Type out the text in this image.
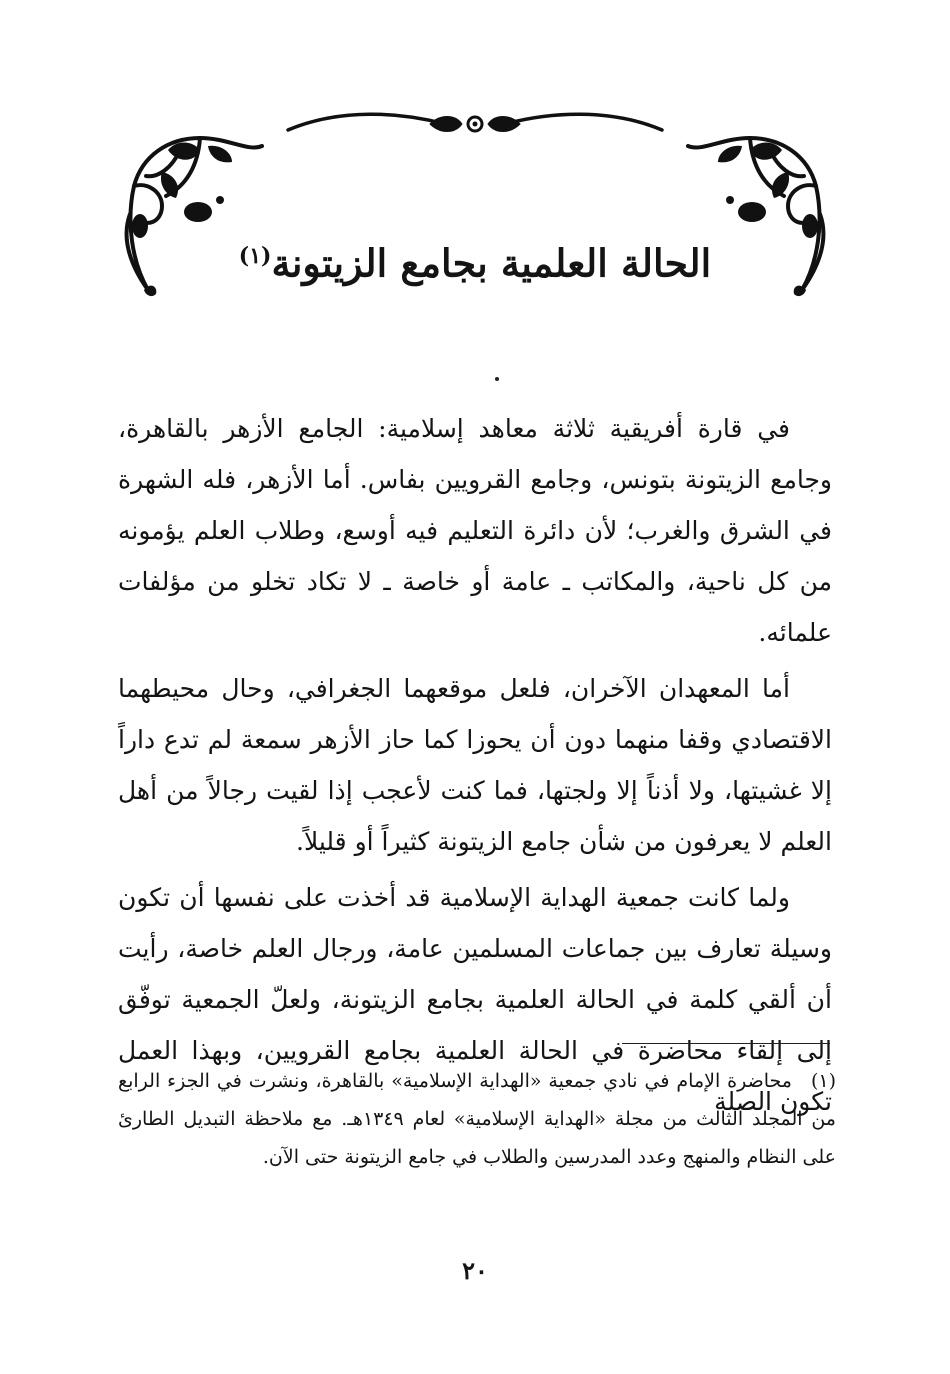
الحالة العلمية بجامع الزيتونة$^{(١)}$

في قارة أفريقية ثلاثة معاهد إسلامية: الجامع الأزهر بالقاهرة، وجامع الزيتونة بتونس، وجامع القرويين بفاس. أما الأزهر، فله الشهرة في الشرق والغرب؛ لأن دائرة التعليم فيه أوسع، وطلاب العلم يؤمونه من كل ناحية، والمكاتب ـ عامة أو خاصة ـ لا تكاد تخلو من مؤلفات علمائه.

أما المعهدان الآخران، فلعل موقعهما الجغرافي، وحال محيطهما الاقتصادي وقفا منهما دون أن يحوزا كما حاز الأزهر سمعة لم تدع داراً إلا غشيتها، ولا أذناً إلا ولجتها، فما كنت لأعجب إذا لقيت رجالاً من أهل العلم لا يعرفون من شأن جامع الزيتونة كثيراً أو قليلاً.

ولما كانت جمعية الهداية الإسلامية قد أخذت على نفسها أن تكون وسيلة تعارف بين جماعات المسلمين عامة، ورجال العلم خاصة، رأيت أن ألقي كلمة في الحالة العلمية بجامع الزيتونة، ولعلّ الجمعية توفّق إلى إلقاء محاضرة في الحالة العلمية بجامع القرويين، وبهذا العمل تكون الصلة

(١)محاضرة الإمام في نادي جمعية «الهداية الإسلامية» بالقاهرة، ونشرت في الجزء الرابع من المجلد الثالث من مجلة «الهداية الإسلامية» لعام ١٣٤٩هـ. مع ملاحظة التبديل الطارئ على النظام والمنهج وعدد المدرسين والطلاب في جامع الزيتونة حتى الآن.
٢٠
